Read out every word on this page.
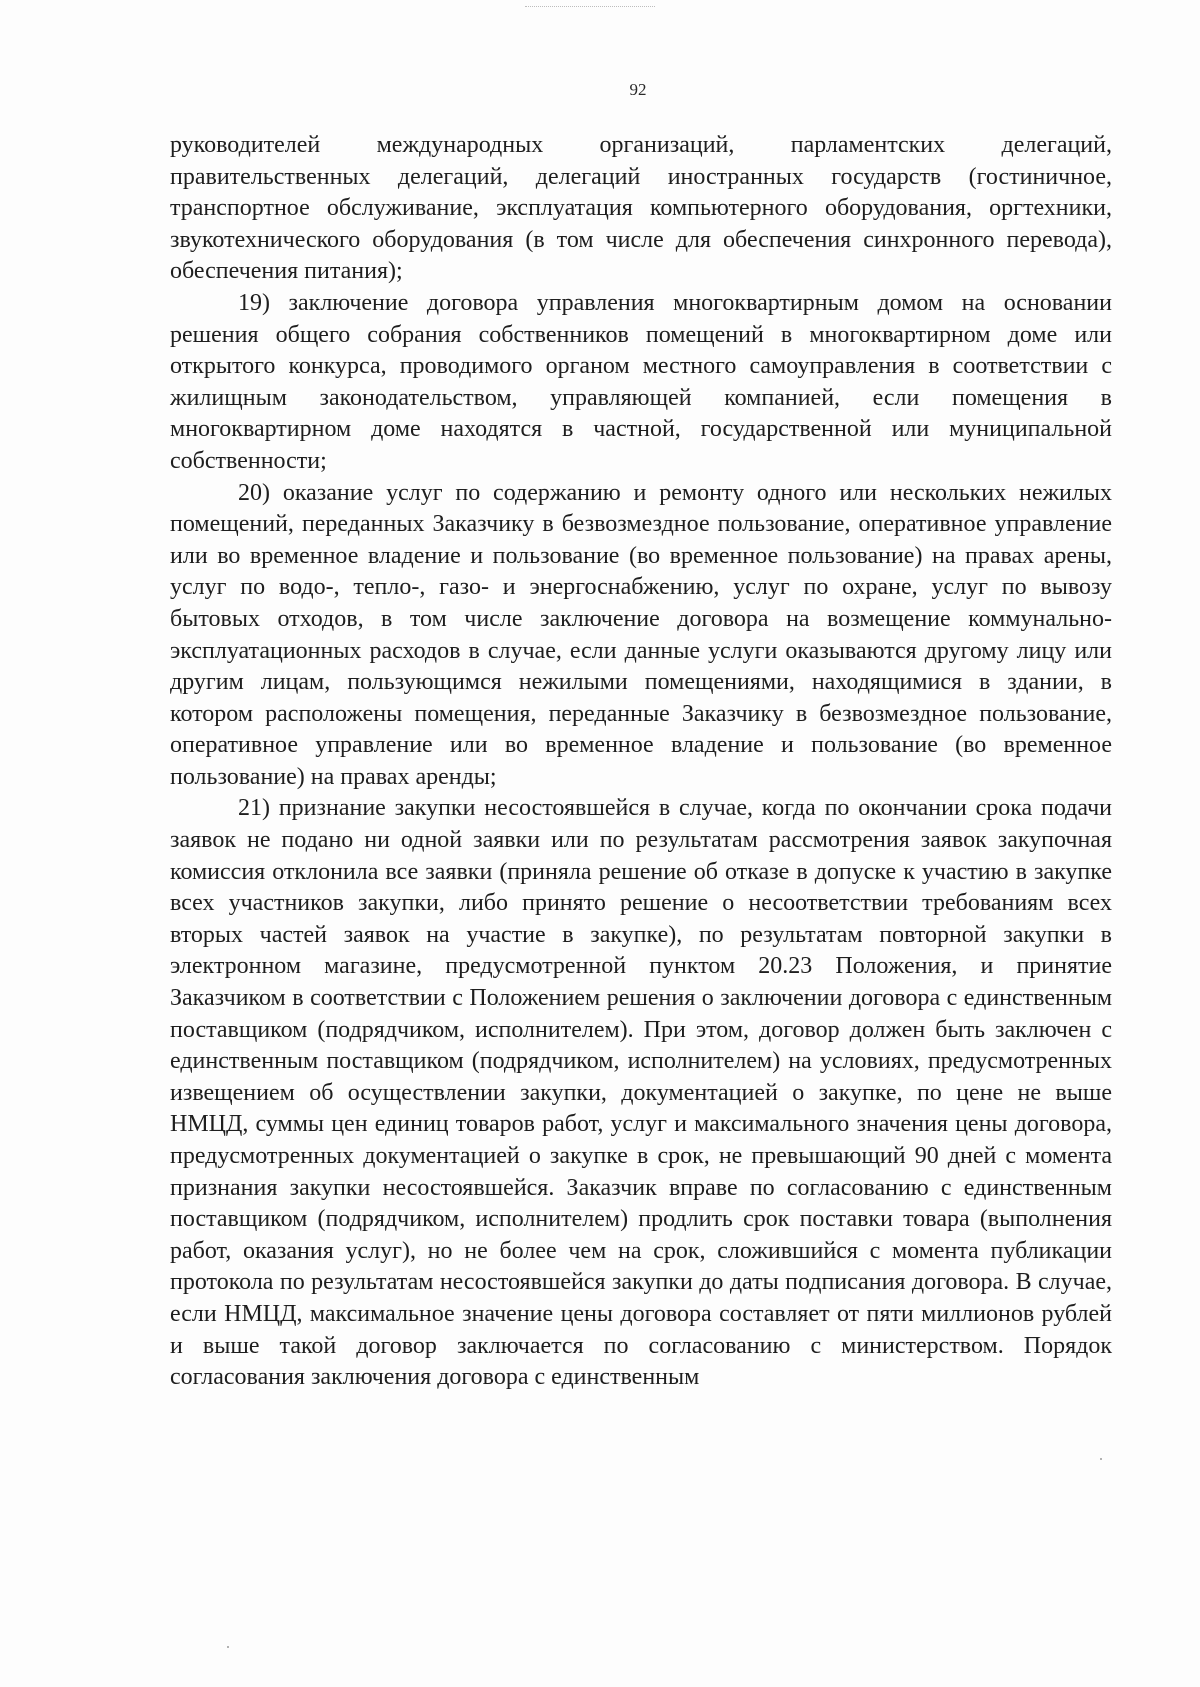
92

руководителей международных организаций, парламентских делегаций, правительственных делегаций, делегаций иностранных государств (гостиничное, транспортное обслуживание, эксплуатация компьютерного оборудования, оргтехники, звукотехнического оборудования (в том числе для обеспечения синхронного перевода), обеспечения питания);

19) заключение договора управления многоквартирным домом на основании решения общего собрания собственников помещений в многоквартирном доме или открытого конкурса, проводимого органом местного самоуправления в соответствии с жилищным законодательством, управляющей компанией, если помещения в многоквартирном доме находятся в частной, государственной или муниципальной собственности;

20) оказание услуг по содержанию и ремонту одного или нескольких нежилых помещений, переданных Заказчику в безвозмездное пользование, оперативное управление или во временное владение и пользование (во временное пользование) на правах арены, услуг по водо-, тепло-, газо- и энергоснабжению, услуг по охране, услуг по вывозу бытовых отходов, в том числе заключение договора на возмещение коммунально-эксплуатационных расходов в случае, если данные услуги оказываются другому лицу или другим лицам, пользующимся нежилыми помещениями, находящимися в здании, в котором расположены помещения, переданные Заказчику в безвозмездное пользование, оперативное управление или во временное владение и пользование (во временное пользование) на правах аренды;

21) признание закупки несостоявшейся в случае, когда по окончании срока подачи заявок не подано ни одной заявки или по результатам рассмотрения заявок закупочная комиссия отклонила все заявки (приняла решение об отказе в допуске к участию в закупке всех участников закупки, либо принято решение о несоответствии требованиям всех вторых частей заявок на участие в закупке), по результатам повторной закупки в электронном магазине, предусмотренной пунктом 20.23 Положения, и принятие Заказчиком в соответствии с Положением решения о заключении договора с единственным поставщиком (подрядчиком, исполнителем). При этом, договор должен быть заключен с единственным поставщиком (подрядчиком, исполнителем) на условиях, предусмотренных извещением об осуществлении закупки, документацией о закупке, по цене не выше НМЦД, суммы цен единиц товаров работ, услуг и максимального значения цены договора, предусмотренных документацией о закупке в срок, не превышающий 90 дней с момента признания закупки несостоявшейся. Заказчик вправе по согласованию с единственным поставщиком (подрядчиком, исполнителем) продлить срок поставки товара (выполнения работ, оказания услуг), но не более чем на срок, сложившийся с момента публикации протокола по результатам несостоявшейся закупки до даты подписания договора. В случае, если НМЦД, максимальное значение цены договора составляет от пяти миллионов рублей и выше такой договор заключается по согласованию с министерством. Порядок согласования заключения договора с единственным
